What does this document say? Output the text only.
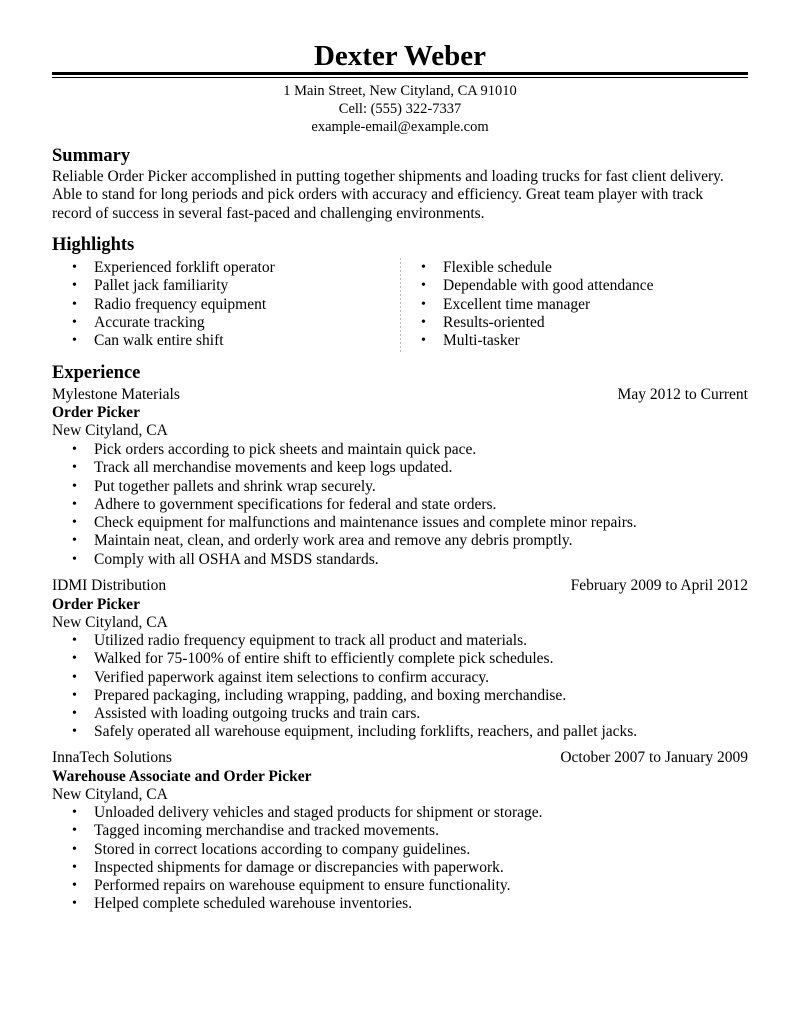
Dexter Weber
1 Main Street, New Cityland, CA 91010
Cell: (555) 322-7337
example-email@example.com
Summary
Reliable Order Picker accomplished in putting together shipments and loading trucks for fast client delivery.
Able to stand for long periods and pick orders with accuracy and efficiency. Great team player with track
record of success in several fast-paced and challenging environments.
Highlights
• Experienced forklift operator
• Pallet jack familiarity
• Radio frequency equipment
• Accurate tracking
• Can walk entire shift
• Flexible schedule
• Dependable with good attendance
• Excellent time manager
• Results-oriented
• Multi-tasker
Experience
Mylestone Materials	May 2012 to Current
Order Picker
New Cityland, CA
• Pick orders according to pick sheets and maintain quick pace.
• Track all merchandise movements and keep logs updated.
• Put together pallets and shrink wrap securely.
• Adhere to government specifications for federal and state orders.
• Check equipment for malfunctions and maintenance issues and complete minor repairs.
• Maintain neat, clean, and orderly work area and remove any debris promptly.
• Comply with all OSHA and MSDS standards.
IDMI Distribution	February 2009 to April 2012
Order Picker
New Cityland, CA
• Utilized radio frequency equipment to track all product and materials.
• Walked for 75-100% of entire shift to efficiently complete pick schedules.
• Verified paperwork against item selections to confirm accuracy.
• Prepared packaging, including wrapping, padding, and boxing merchandise.
• Assisted with loading outgoing trucks and train cars.
• Safely operated all warehouse equipment, including forklifts, reachers, and pallet jacks.
InnaTech Solutions	October 2007 to January 2009
Warehouse Associate and Order Picker
New Cityland, CA
• Unloaded delivery vehicles and staged products for shipment or storage.
• Tagged incoming merchandise and tracked movements.
• Stored in correct locations according to company guidelines.
• Inspected shipments for damage or discrepancies with paperwork.
• Performed repairs on warehouse equipment to ensure functionality.
• Helped complete scheduled warehouse inventories.
